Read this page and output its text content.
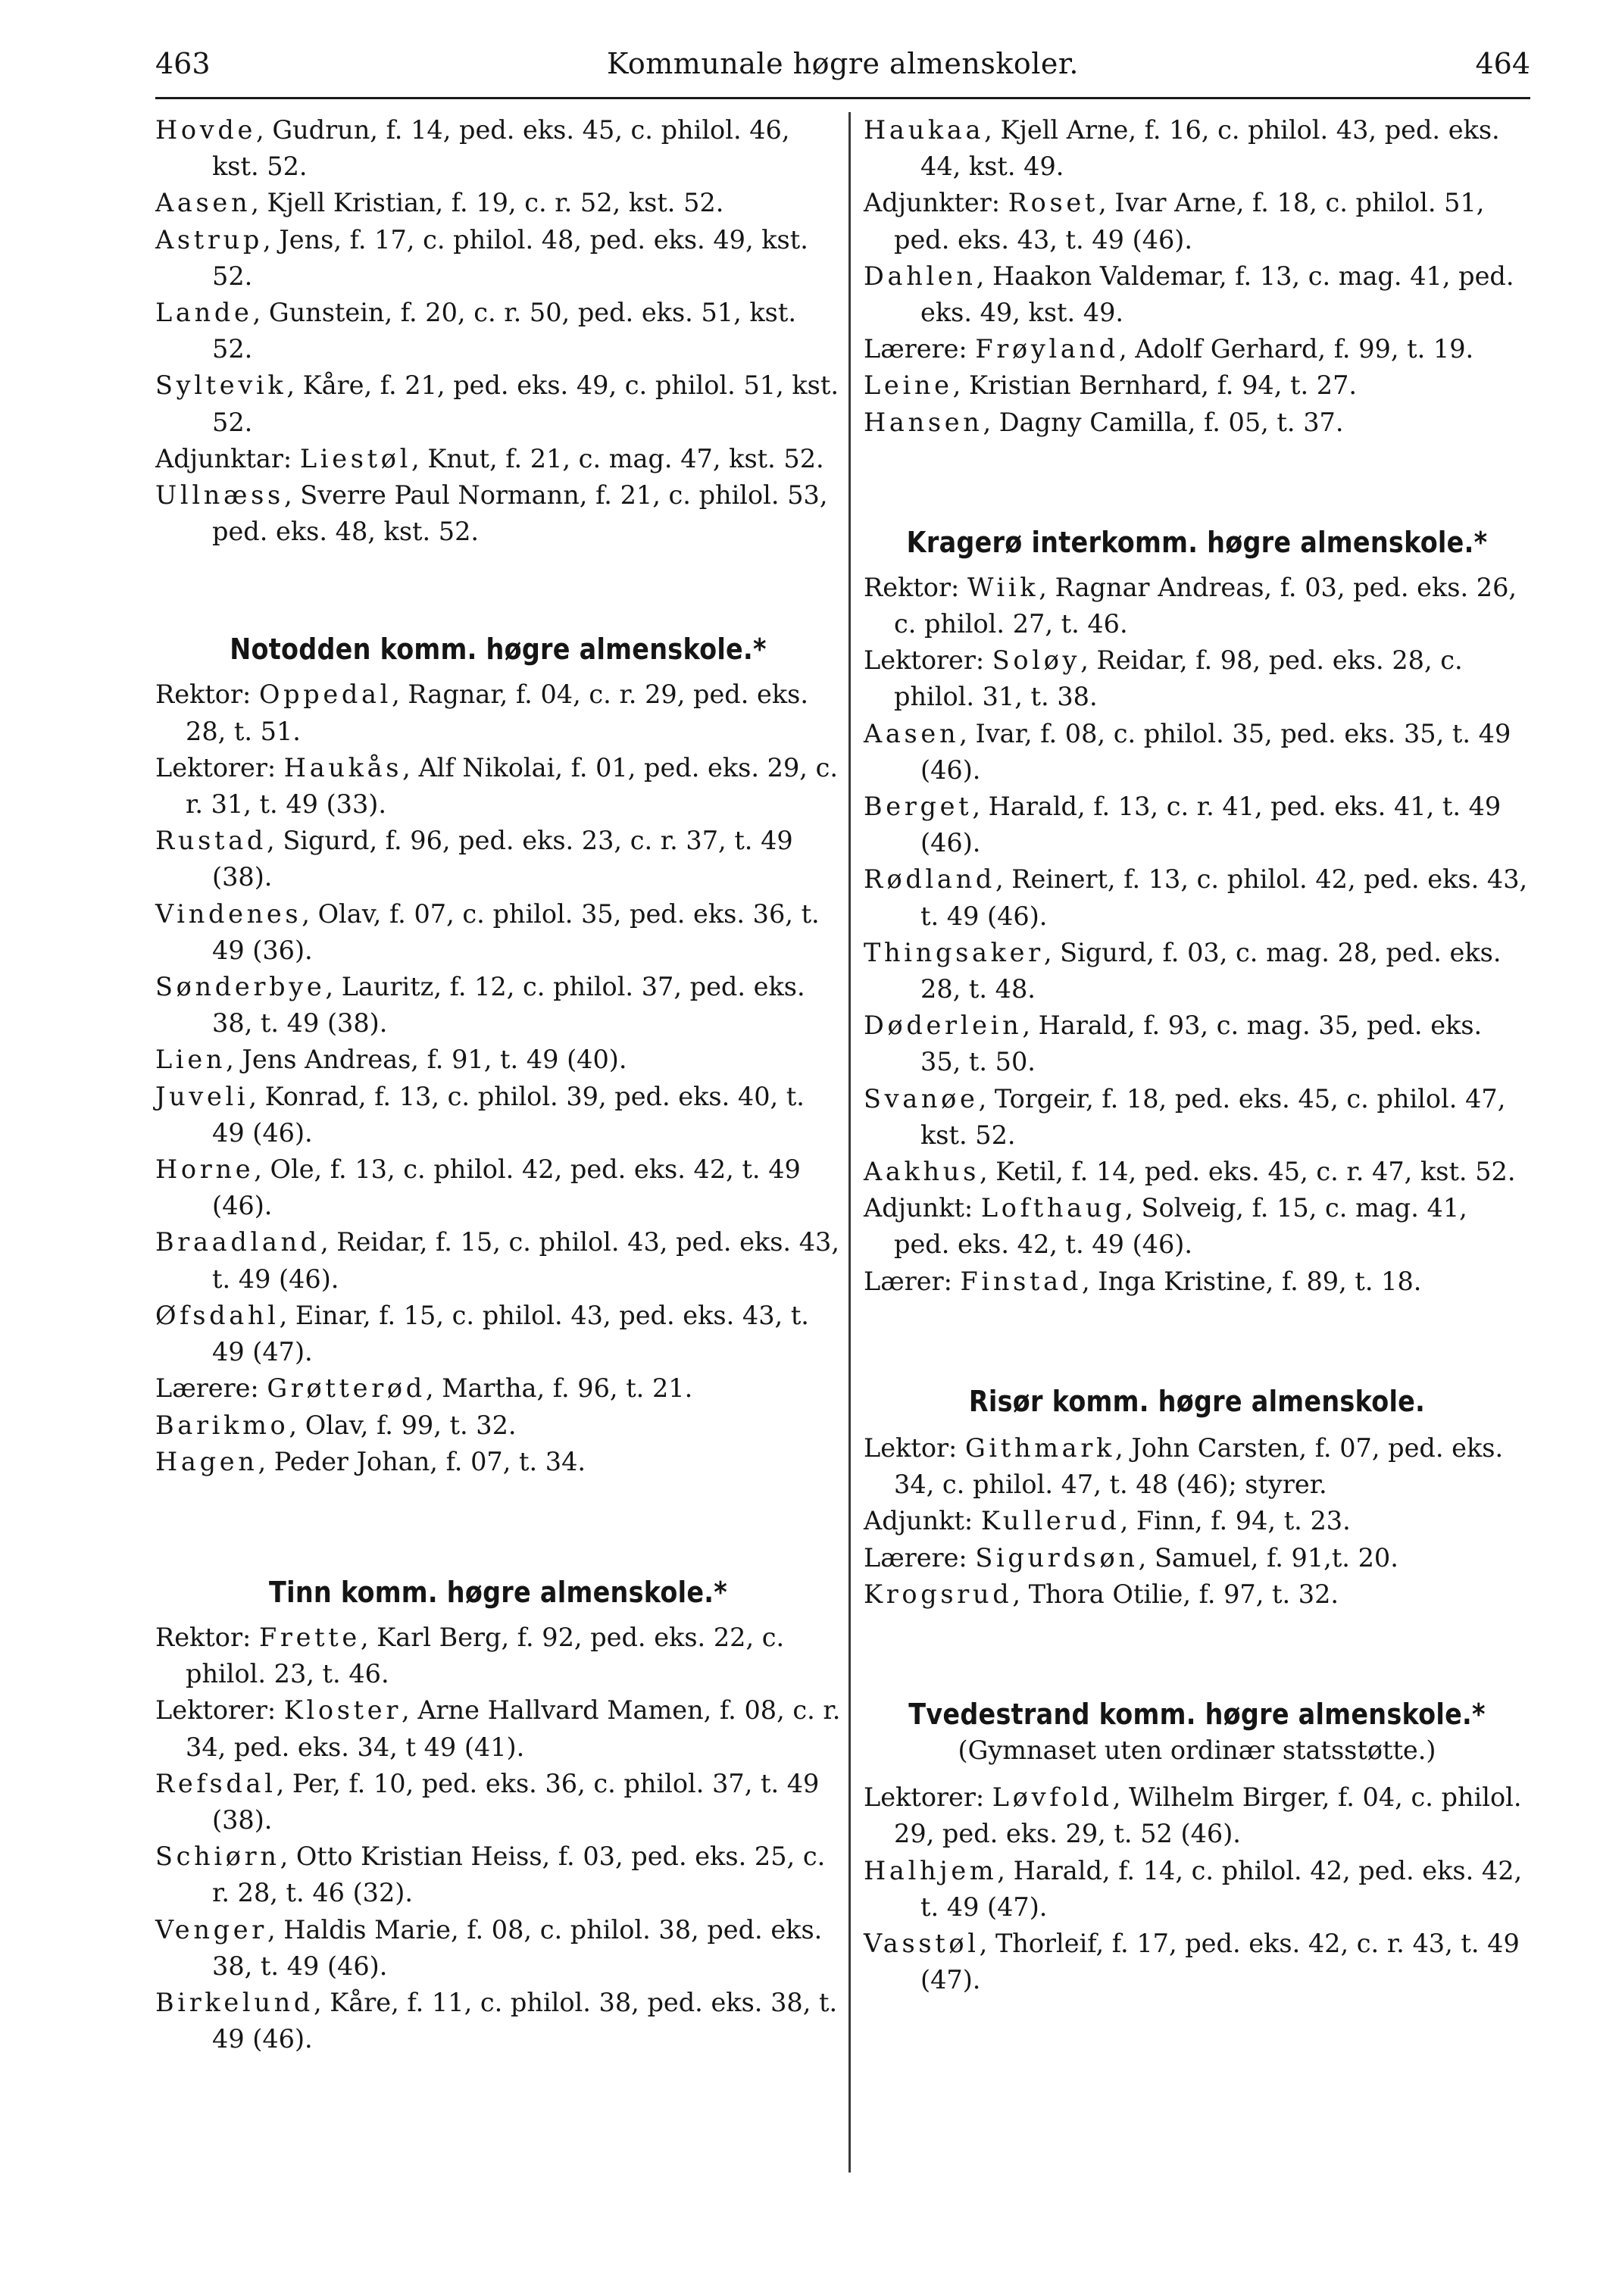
463	Kommunale høgre almenskoler.	464

Hovde, Gudrun, f. 14, ped. eks. 45, c. philol. 46, kst. 52.

Aasen, Kjell Kristian, f. 19, c. r. 52, kst. 52.

Astrup, Jens, f. 17, c. philol. 48, ped. eks. 49, kst. 52.

Lande, Gunstein, f. 20, c. r. 50, ped. eks. 51, kst. 52.

Syltevik, Kåre, f. 21, ped. eks. 49, c. philol. 51, kst. 52.

Adjunktar: Liestøl, Knut, f. 21, c. mag. 47, kst. 52.

Ullnæss, Sverre Paul Normann, f. 21, c. philol. 53, ped. eks. 48, kst. 52.

Notodden komm. høgre almenskole.*

Rektor: Oppedal, Ragnar, f. 04, c. r. 29, ped. eks. 28, t. 51.

Lektorer: Haukås, Alf Nikolai, f. 01, ped. eks. 29, c. r. 31, t. 49 (33).

Rustad, Sigurd, f. 96, ped. eks. 23, c. r. 37, t. 49 (38).

Vindenes, Olav, f. 07, c. philol. 35, ped. eks. 36, t. 49 (36).

Sønderbye, Lauritz, f. 12, c. philol. 37, ped. eks. 38, t. 49 (38).

Lien, Jens Andreas, f. 91, t. 49 (40).

Juveli, Konrad, f. 13, c. philol. 39, ped. eks. 40, t. 49 (46).

Horne, Ole, f. 13, c. philol. 42, ped. eks. 42, t. 49 (46).

Braadland, Reidar, f. 15, c. philol. 43, ped. eks. 43, t. 49 (46).

Øfsdahl, Einar, f. 15, c. philol. 43, ped. eks. 43, t. 49 (47).

Lærere: Grøtterød, Martha, f. 96, t. 21.

Barikmo, Olav, f. 99, t. 32.

Hagen, Peder Johan, f. 07, t. 34.

Tinn komm. høgre almenskole.*

Rektor: Frette, Karl Berg, f. 92, ped. eks. 22, c. philol. 23, t. 46.

Lektorer: Kloster, Arne Hallvard Mamen, f. 08, c. r. 34, ped. eks. 34, t 49 (41).

Refsdal, Per, f. 10, ped. eks. 36, c. philol. 37, t. 49 (38).

Schiørn, Otto Kristian Heiss, f. 03, ped. eks. 25, c. r. 28, t. 46 (32).

Venger, Haldis Marie, f. 08, c. philol. 38, ped. eks. 38, t. 49 (46).

Birkelund, Kåre, f. 11, c. philol. 38, ped. eks. 38, t. 49 (46).

Haukaa, Kjell Arne, f. 16, c. philol. 43, ped. eks. 44, kst. 49.

Adjunkter: Roset, Ivar Arne, f. 18, c. philol. 51, ped. eks. 43, t. 49 (46).

Dahlen, Haakon Valdemar, f. 13, c. mag. 41, ped. eks. 49, kst. 49.

Lærere: Frøyland, Adolf Gerhard, f. 99, t. 19.

Leine, Kristian Bernhard, f. 94, t. 27.

Hansen, Dagny Camilla, f. 05, t. 37.

Kragerø interkomm. høgre almenskole.*

Rektor: Wiik, Ragnar Andreas, f. 03, ped. eks. 26, c. philol. 27, t. 46.

Lektorer: Soløy, Reidar, f. 98, ped. eks. 28, c. philol. 31, t. 38.

Aasen, Ivar, f. 08, c. philol. 35, ped. eks. 35, t. 49 (46).

Berget, Harald, f. 13, c. r. 41, ped. eks. 41, t. 49 (46).

Rødland, Reinert, f. 13, c. philol. 42, ped. eks. 43, t. 49 (46).

Thingsaker, Sigurd, f. 03, c. mag. 28, ped. eks. 28, t. 48.

Døderlein, Harald, f. 93, c. mag. 35, ped. eks. 35, t. 50.

Svanøe, Torgeir, f. 18, ped. eks. 45, c. philol. 47, kst. 52.

Aakhus, Ketil, f. 14, ped. eks. 45, c. r. 47, kst. 52.

Adjunkt: Lofthaug, Solveig, f. 15, c. mag. 41, ped. eks. 42, t. 49 (46).

Lærer: Finstad, Inga Kristine, f. 89, t. 18.

Risør komm. høgre almenskole.

Lektor: Githmark, John Carsten, f. 07, ped. eks. 34, c. philol. 47, t. 48 (46); styrer.

Adjunkt: Kullerud, Finn, f. 94, t. 23.

Lærere: Sigurdsøn, Samuel, f. 91,t. 20.

Krogsrud, Thora Otilie, f. 97, t. 32.

Tvedestrand komm. høgre almenskole.*
(Gymnaset uten ordinær statsstøtte.)

Lektorer: Løvfold, Wilhelm Birger, f. 04, c. philol. 29, ped. eks. 29, t. 52 (46).

Halhjem, Harald, f. 14, c. philol. 42, ped. eks. 42, t. 49 (47).

Vasstøl, Thorleif, f. 17, ped. eks. 42, c. r. 43, t. 49 (47).
